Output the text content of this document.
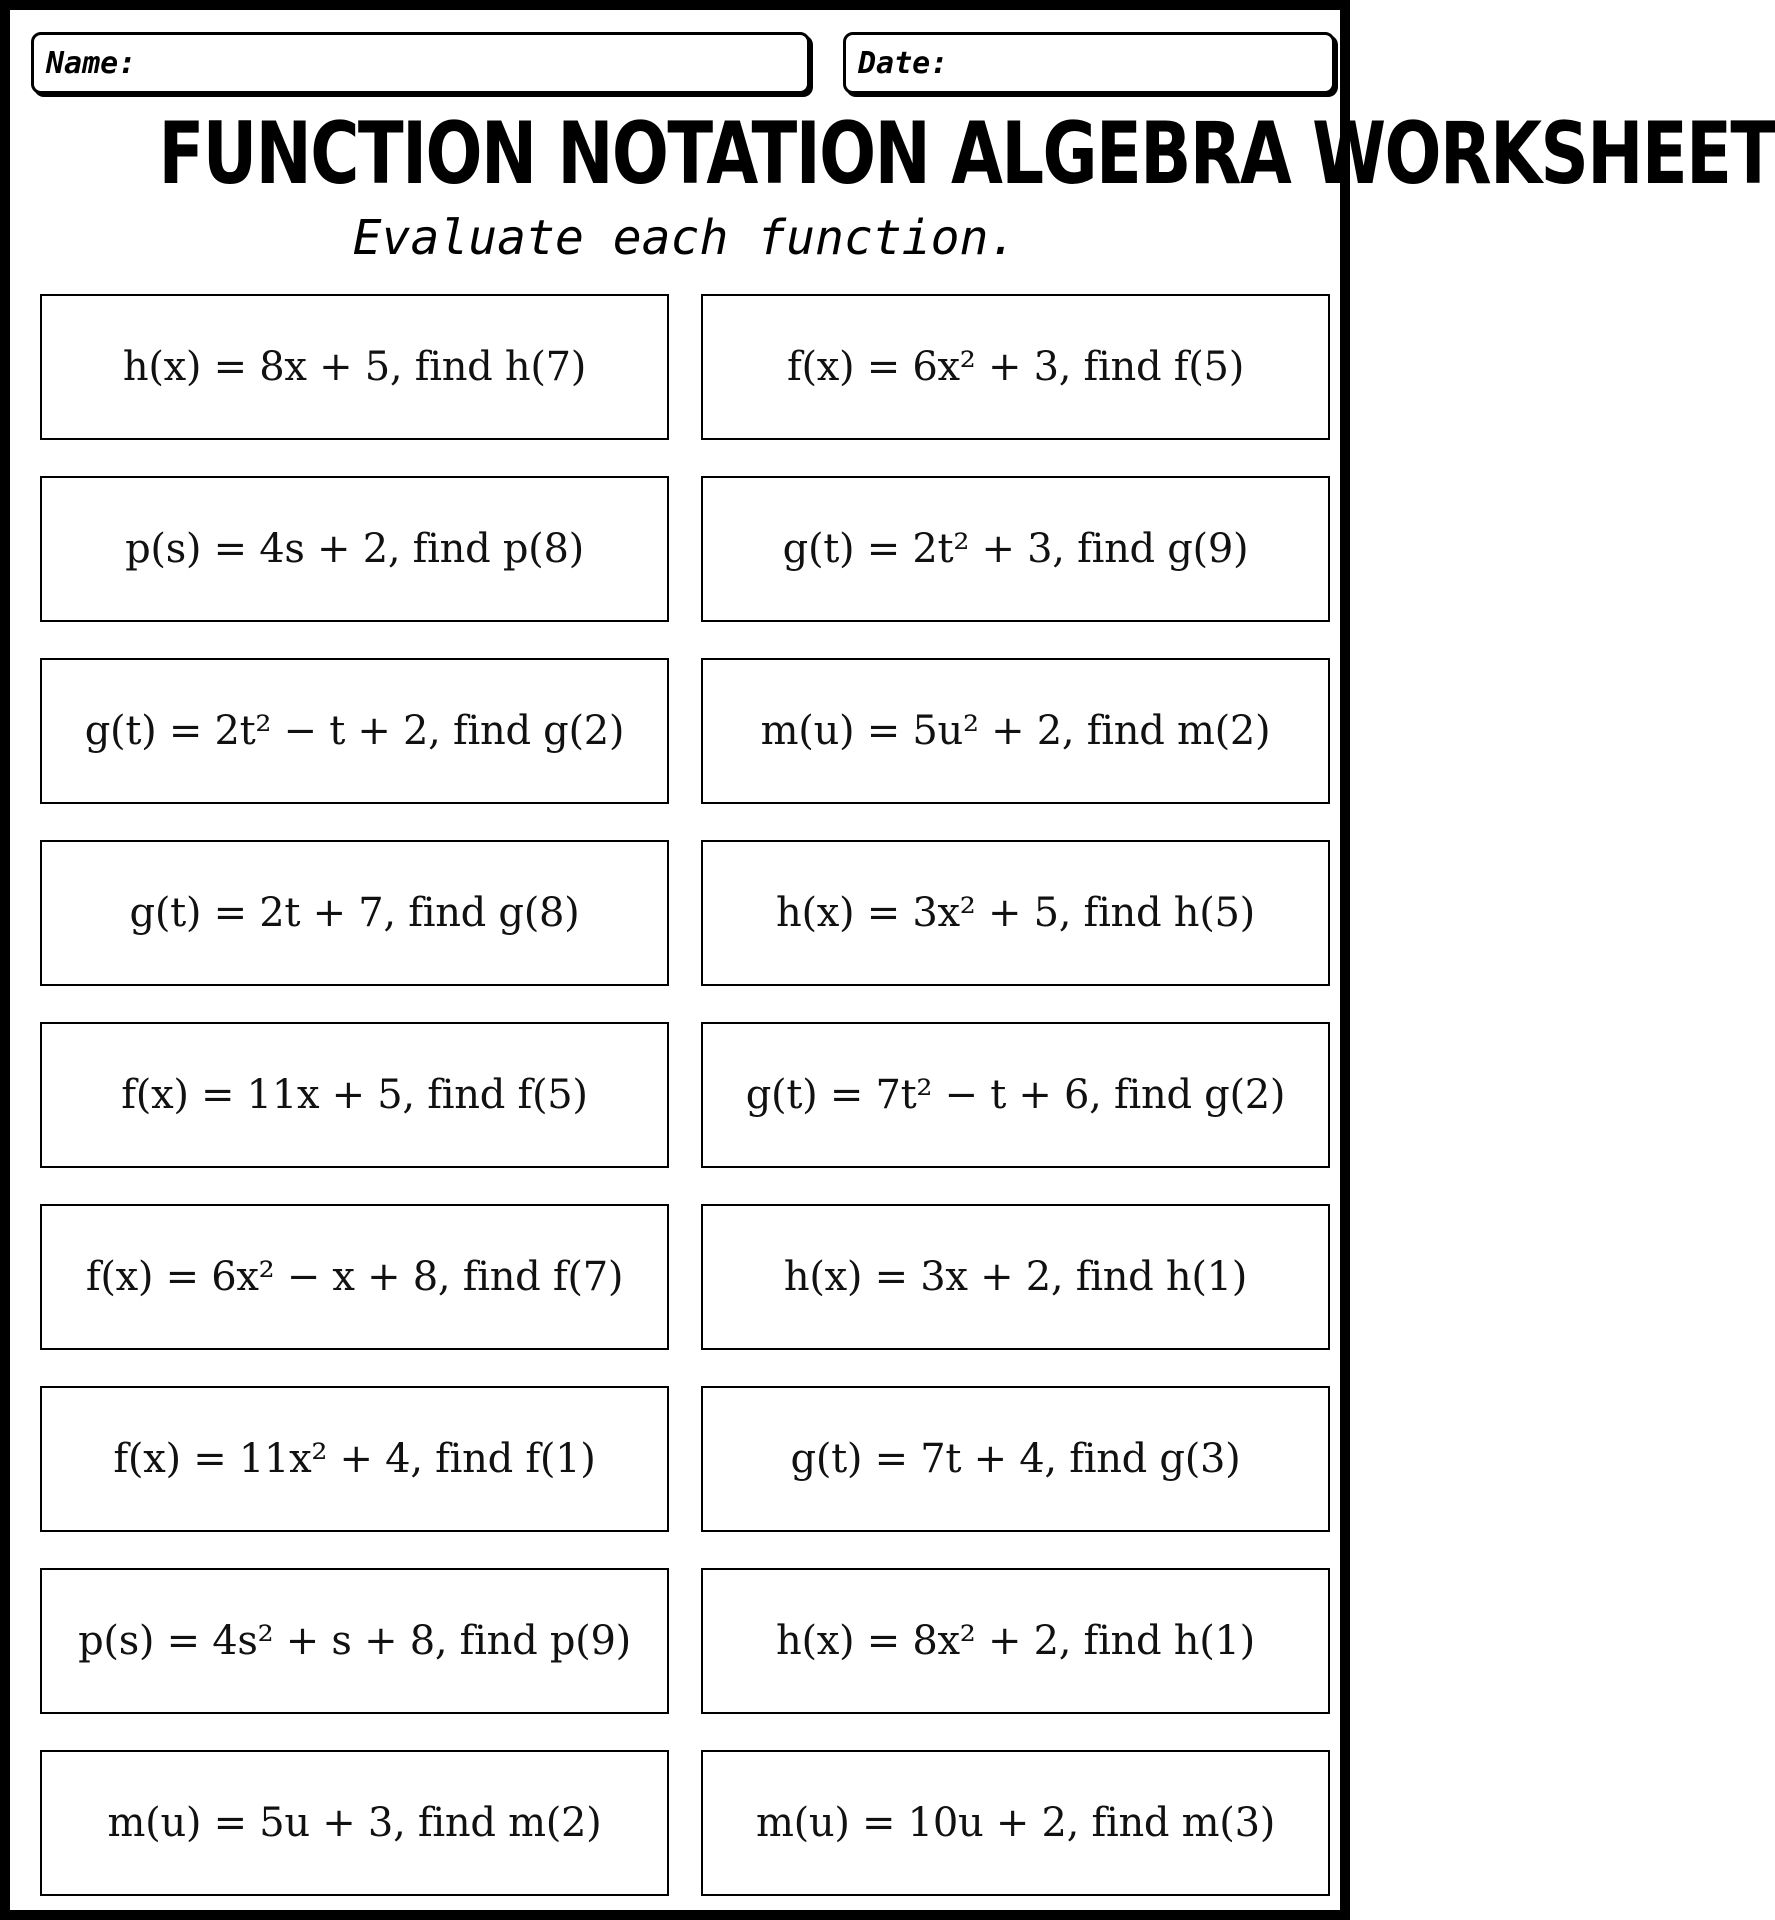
Name:	Date:
FUNCTION NOTATION ALGEBRA WORKSHEET
Evaluate each function.
h(x) = 8x + 5, find h(7)	f(x) = 6x² + 3, find f(5)
p(s) = 4s + 2, find p(8)	g(t) = 2t² + 3, find g(9)
g(t) = 2t² − t + 2, find g(2)	m(u) = 5u² + 2, find m(2)
g(t) = 2t + 7, find g(8)	h(x) = 3x² + 5, find h(5)
f(x) = 11x + 5, find f(5)	g(t) = 7t² − t + 6, find g(2)
f(x) = 6x² − x + 8, find f(7)	h(x) = 3x + 2, find h(1)
f(x) = 11x² + 4, find f(1)	g(t) = 7t + 4, find g(3)
p(s) = 4s² + s + 8, find p(9)	h(x) = 8x² + 2, find h(1)
m(u) = 5u + 3, find m(2)	m(u) = 10u + 2, find m(3)
